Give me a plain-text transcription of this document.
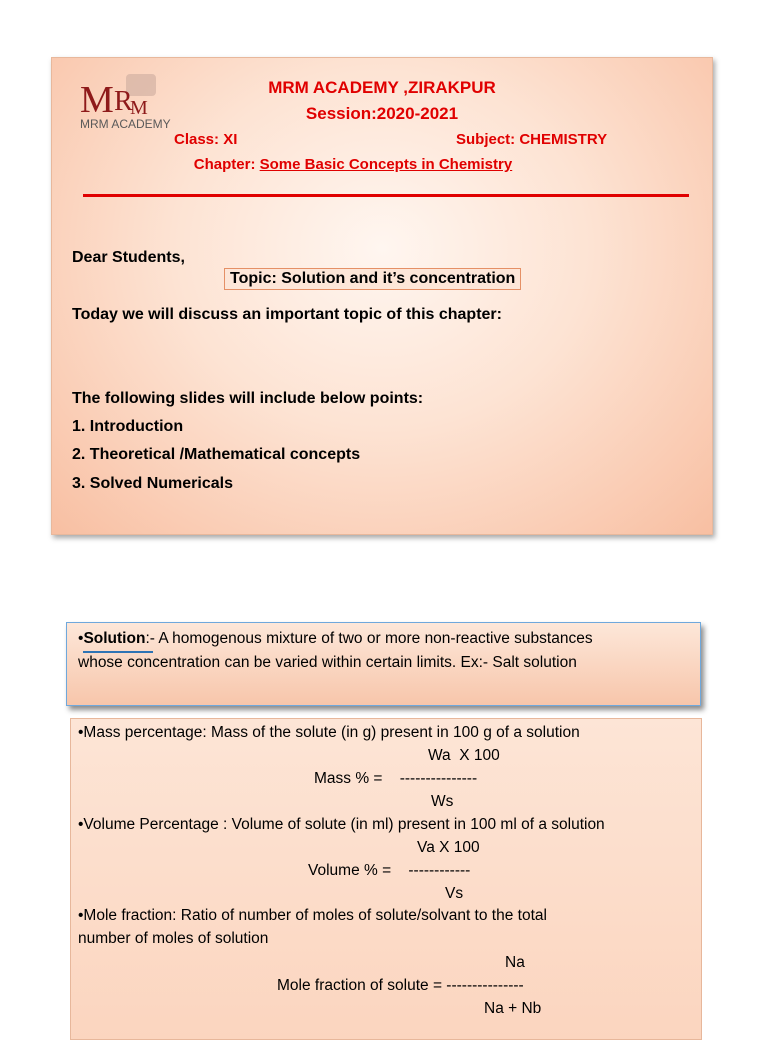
M R
M
MRM ACADEMY
MRM ACADEMY ,ZIRAKPUR
Session:2020-2021
Class: XI	Subject: CHEMISTRY
Chapter: Some Basic Concepts in Chemistry
Dear Students,
Topic: Solution and it’s concentration
Today we will discuss an important topic of this chapter:
The following slides will include below points:
1. Introduction
2. Theoretical /Mathematical concepts
3. Solved Numericals
•Solution:- A homogenous mixture of two or more non-reactive substances
whose concentration can be varied within certain limits. Ex:- Salt solution
•Mass percentage: Mass of the solute (in g) present in 100 g of a solution
Wa  X 100
Mass % =    ---------------
Ws
•Volume Percentage : Volume of solute (in ml) present in 100 ml of a solution
Va X 100
Volume % =    ------------
Vs
•Mole fraction: Ratio of number of moles of solute/solvant to the total
number of moles of solution
Na
Mole fraction of solute = ---------------
Na + Nb
